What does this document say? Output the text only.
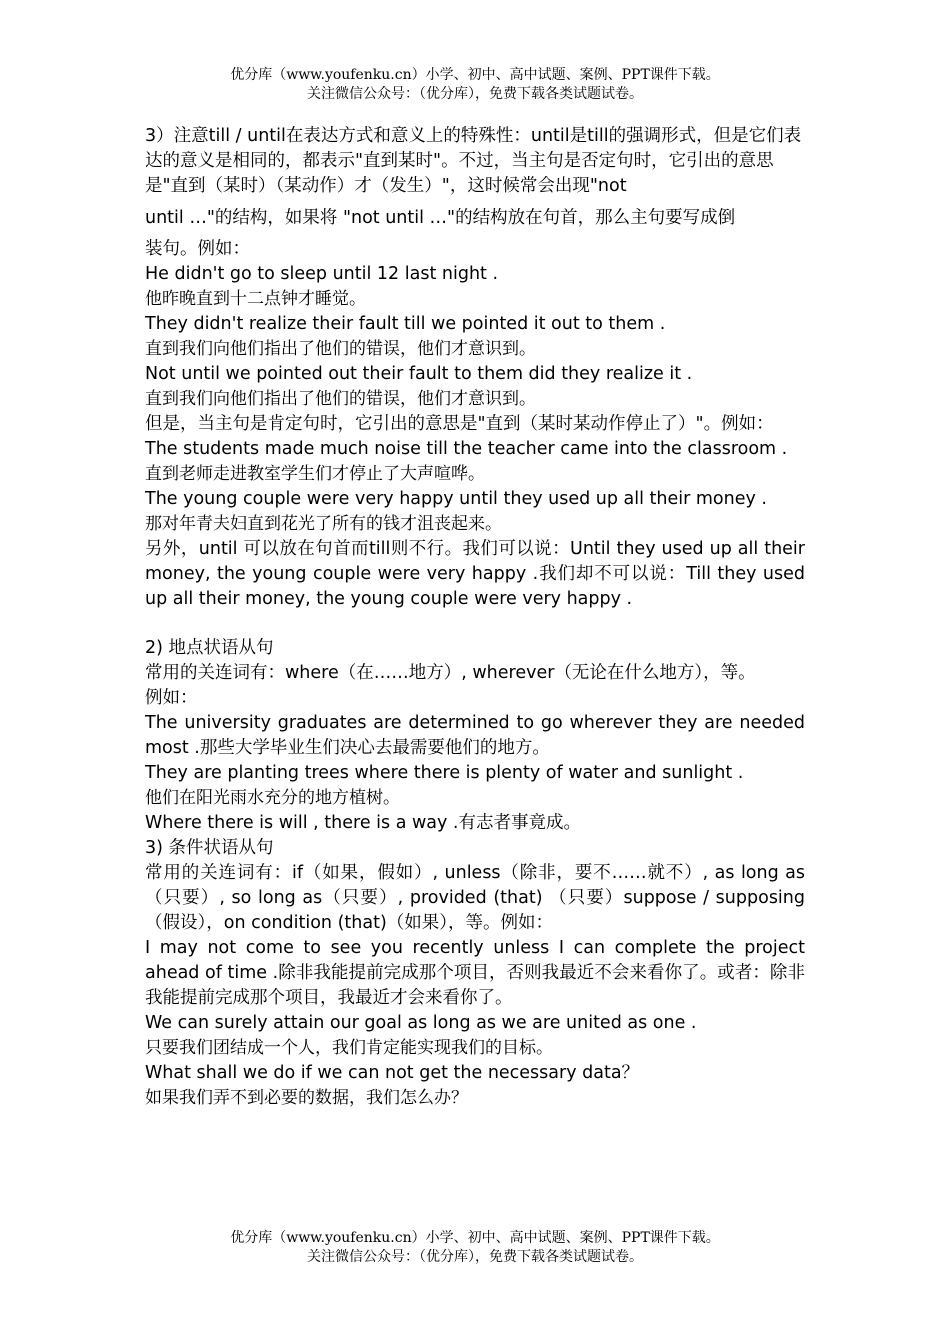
优分库（www.youfenku.cn）小学、初中、高中试题、案例、PPT课件下载。
关注微信公众号：（优分库），免费下载各类试题试卷。

3）注意till / until在表达方式和意义上的特殊性：until是till的强调形式，但是它们表达的意义是相同的，都表示"直到某时"。不过，当主句是否定句时，它引出的意思是"直到（某时）（某动作）才（发生）"，这时候常会出现"not

until …"的结构，如果将 "not until …"的结构放在句首，那么主句要写成倒

装句。例如：

He didn't go to sleep until 12 last night .

他昨晚直到十二点钟才睡觉。

They didn't realize their fault till we pointed it out to them .

直到我们向他们指出了他们的错误，他们才意识到。

Not until we pointed out their fault to them did they realize it .

直到我们向他们指出了他们的错误，他们才意识到。

但是，当主句是肯定句时，它引出的意思是"直到（某时某动作停止了）"。例如：

The students made much noise till the teacher came into the classroom .

直到老师走进教室学生们才停止了大声喧哗。

The young couple were very happy until they used up all their money .

那对年青夫妇直到花光了所有的钱才沮丧起来。

另外，until 可以放在句首而till则不行。我们可以说：Until they used up all their money, the young couple were very happy .我们却不可以说：Till they used up all their money, the young couple were very happy .

2) 地点状语从句

常用的关连词有：where（在……地方）, wherever（无论在什么地方），等。

例如：

The university graduates are determined to go wherever they are needed most .那些大学毕业生们决心去最需要他们的地方。

They are planting trees where there is plenty of water and sunlight .

他们在阳光雨水充分的地方植树。

Where there is will , there is a way .有志者事竟成。

3) 条件状语从句

常用的关连词有：if（如果，假如）, unless（除非，要不……就不）, as long as（只要）, so long as（只要）, provided (that) （只要）suppose / supposing（假设），on condition (that)（如果），等。例如：

I may not come to see you recently unless I can complete the project ahead of time .除非我能提前完成那个项目，否则我最近不会来看你了。或者：除非我能提前完成那个项目，我最近才会来看你了。

We can surely attain our goal as long as we are united as one .

只要我们团结成一个人，我们肯定能实现我们的目标。

What shall we do if we can not get the necessary data？

如果我们弄不到必要的数据，我们怎么办？

优分库（www.youfenku.cn）小学、初中、高中试题、案例、PPT课件下载。
关注微信公众号：（优分库），免费下载各类试题试卷。
